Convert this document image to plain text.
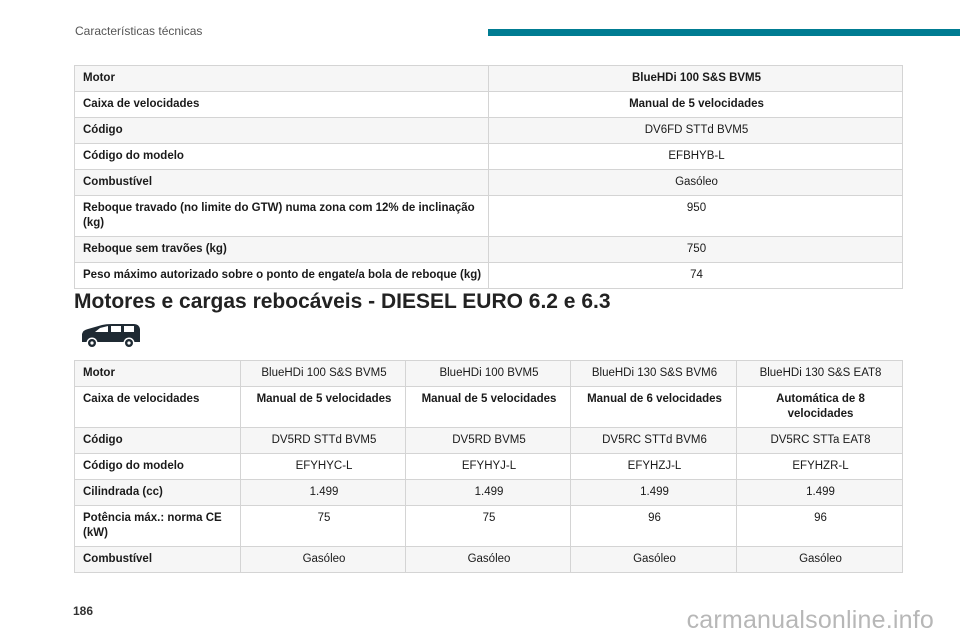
Características técnicas
Motor	BlueHDi 100 S&S BVM5
Caixa de velocidades	Manual de 5 velocidades
Código	DV6FD STTd BVM5
Código do modelo	EFBHYB-L
Combustível	Gasóleo
Reboque travado (no limite do GTW) numa zona com 12% de inclinação (kg)	950
Reboque sem travões (kg)	750
Peso máximo autorizado sobre o ponto de engate/a bola de reboque (kg)	74
Motores e cargas rebocáveis - DIESEL EURO 6.2 e 6.3
Motor	BlueHDi 100 S&S BVM5	BlueHDi 100 BVM5	BlueHDi 130 S&S BVM6	BlueHDi 130 S&S EAT8
Caixa de velocidades	Manual de 5 velocidades	Manual de 5 velocidades	Manual de 6 velocidades	Automática de 8 velocidades
Código	DV5RD STTd BVM5	DV5RD BVM5	DV5RC STTd BVM6	DV5RC STTa EAT8
Código do modelo	EFYHYC-L	EFYHYJ-L	EFYHZJ-L	EFYHZR-L
Cilindrada (cc)	1.499	1.499	1.499	1.499
Potência máx.: norma CE (kW)	75	75	96	96
Combustível	Gasóleo	Gasóleo	Gasóleo	Gasóleo
186	carmanualsonline.info
